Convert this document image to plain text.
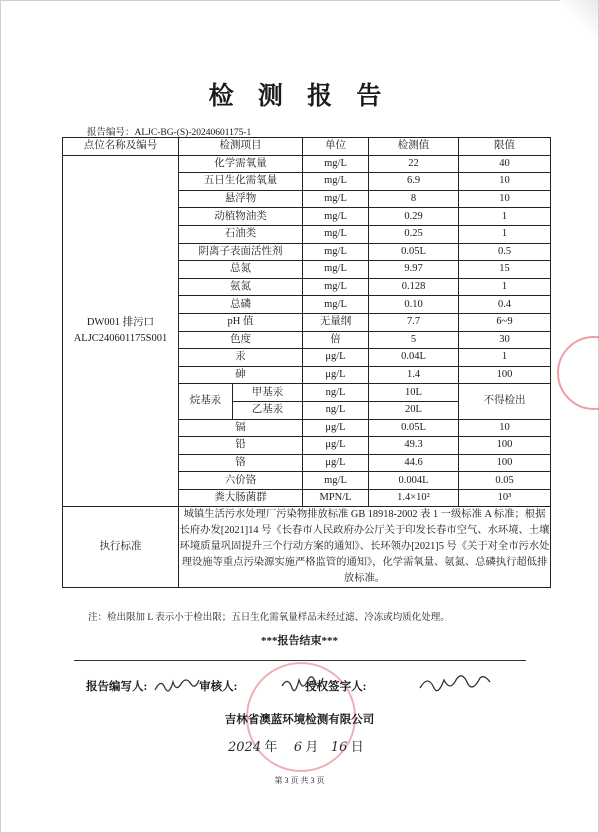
检 测 报 告
报告编号：ALJC-BG-(S)-20240601175-1
点位名称及编号	检测项目		单位	检测值	限值

DW001 排污口
ALJC240601175S001	化学需氧量		mg/L	22	40
	五日生化需氧量		mg/L	6.9	10
	悬浮物		mg/L	8	10
	动植物油类		mg/L	0.29	1
	石油类		mg/L	0.25	1
	阴离子表面活性剂		mg/L	0.05L	0.5
	总氮		mg/L	9.97	15
	氨氮		mg/L	0.128	1
	总磷		mg/L	0.10	0.4
	pH 值		无量纲	7.7	6~9
	色度		倍	5	30
	汞		μg/L	0.04L	1
	砷		μg/L	1.4	100
	烷基汞	甲基汞	ng/L	10L	不得检出
		乙基汞	ng/L	20L	
	镉		μg/L	0.05L	10
	铅		μg/L	49.3	100
	铬		μg/L	44.6	100
	六价铬		mg/L	0.004L	0.05
	粪大肠菌群		MPN/L	1.4×10²	10³
执行标准	城镇生活污水处理厂污染物排放标准 GB 18918-2002 表 1 一级标准 A 标准；根据长府办发[2021]14 号《长春市人民政府办公厅关于印发长春市空气、水环境、土壤环境质量巩固提升三个行动方案的通知》、长环领办[2021]5 号《关于对全市污水处理设施等重点污染源实施严格监管的通知》，化学需氧量、氨氮、总磷执行超低排放标准。				
注：检出限加 L 表示小于检出限；五日生化需氧量样品未经过滤、冷冻或均质化处理。
***报告结束***
报告编写人:	审核人:	授权签字人:
吉林省澳蓝环境检测有限公司
2024 年 6 月 16 日
第 3 页 共 3 页
